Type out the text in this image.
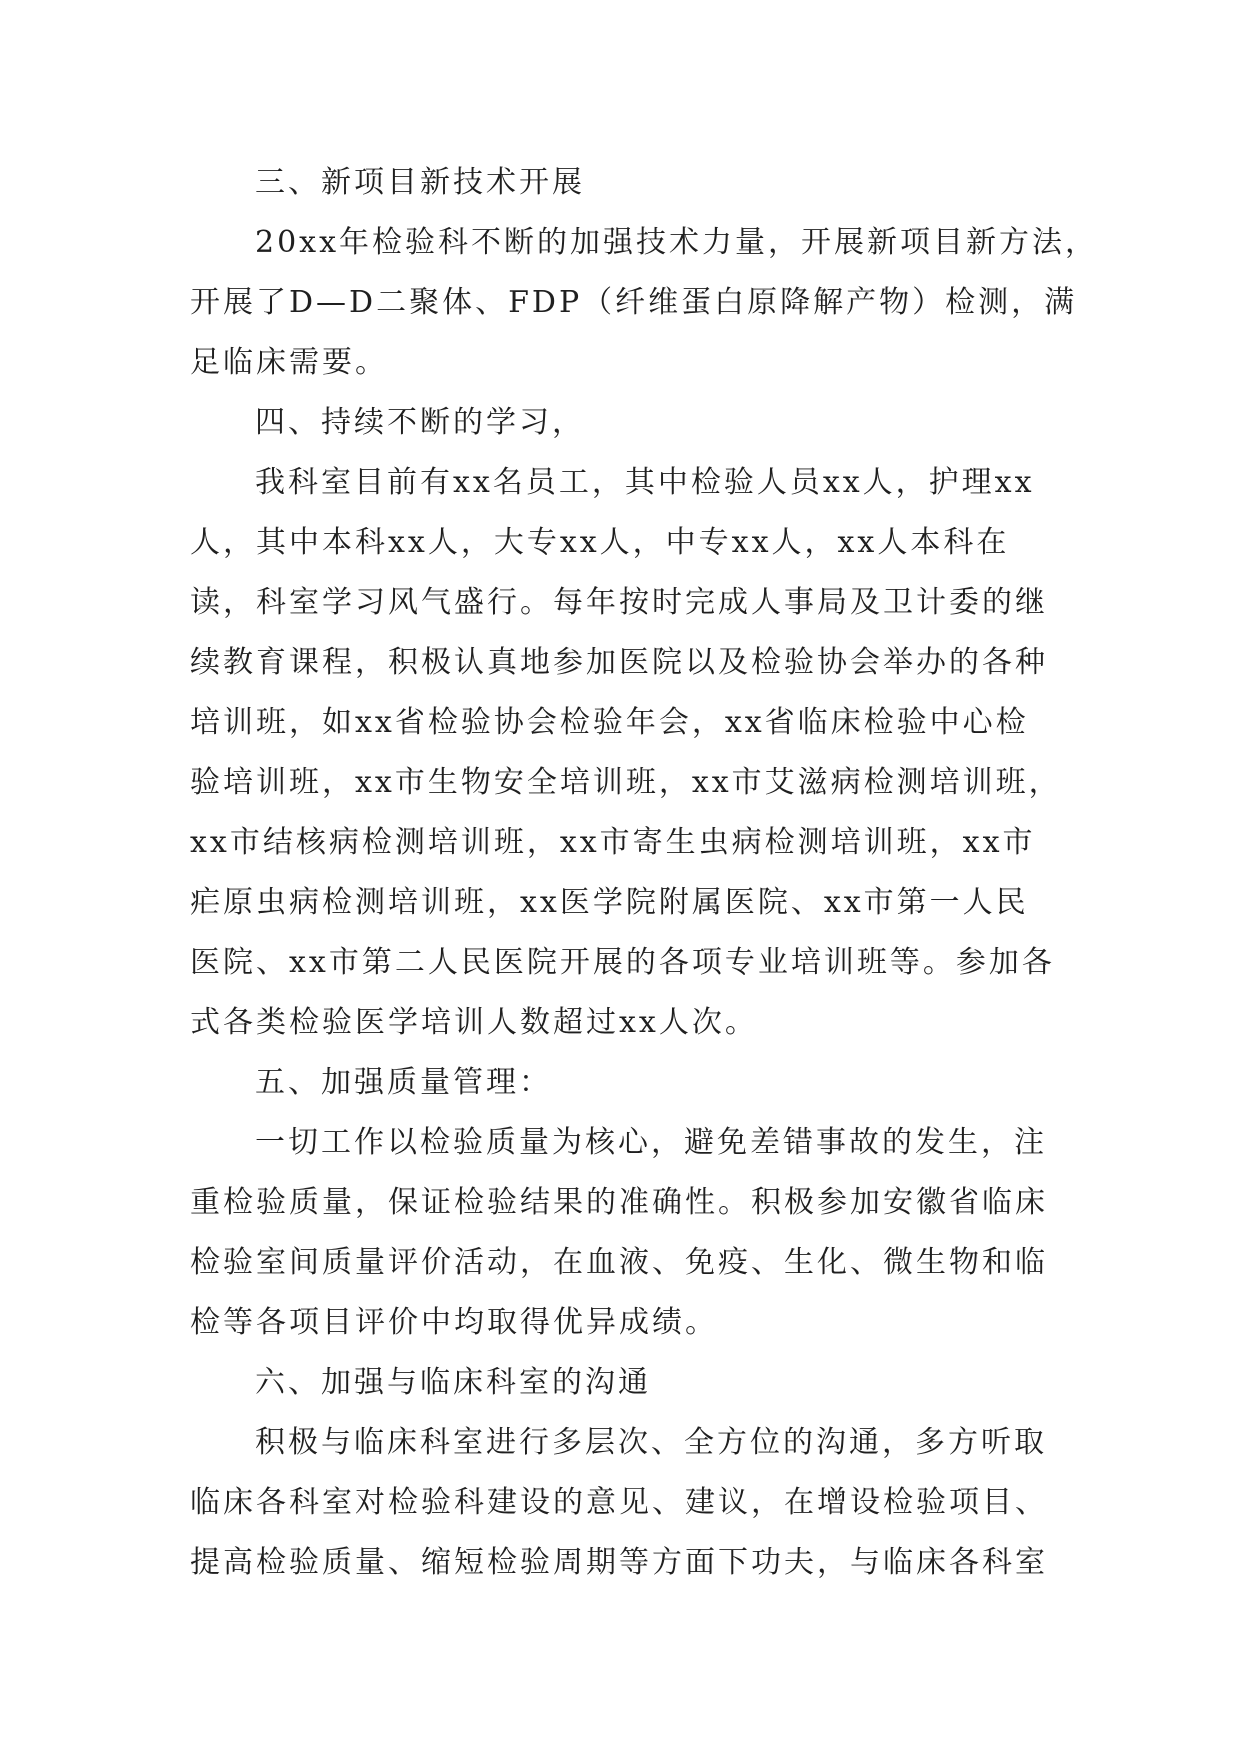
三、新项目新技术开展
20xx年检验科不断的加强技术力量，开展新项目新方法，
开展了D—D二聚体、FDP（纤维蛋白原降解产物）检测，满
足临床需要。
四、持续不断的学习，
我科室目前有xx名员工，其中检验人员xx人，护理xx
人，其中本科xx人，大专xx人，中专xx人，xx人本科在
读，科室学习风气盛行。每年按时完成人事局及卫计委的继
续教育课程，积极认真地参加医院以及检验协会举办的各种
培训班，如xx省检验协会检验年会，xx省临床检验中心检
验培训班，xx市生物安全培训班，xx市艾滋病检测培训班，
xx市结核病检测培训班，xx市寄生虫病检测培训班，xx市
疟原虫病检测培训班，xx医学院附属医院、xx市第一人民
医院、xx市第二人民医院开展的各项专业培训班等。参加各
式各类检验医学培训人数超过xx人次。
五、加强质量管理：
一切工作以检验质量为核心，避免差错事故的发生，注
重检验质量，保证检验结果的准确性。积极参加安徽省临床
检验室间质量评价活动，在血液、免疫、生化、微生物和临
检等各项目评价中均取得优异成绩。
六、加强与临床科室的沟通
积极与临床科室进行多层次、全方位的沟通，多方听取
临床各科室对检验科建设的意见、建议，在增设检验项目、
提高检验质量、缩短检验周期等方面下功夫，与临床各科室
